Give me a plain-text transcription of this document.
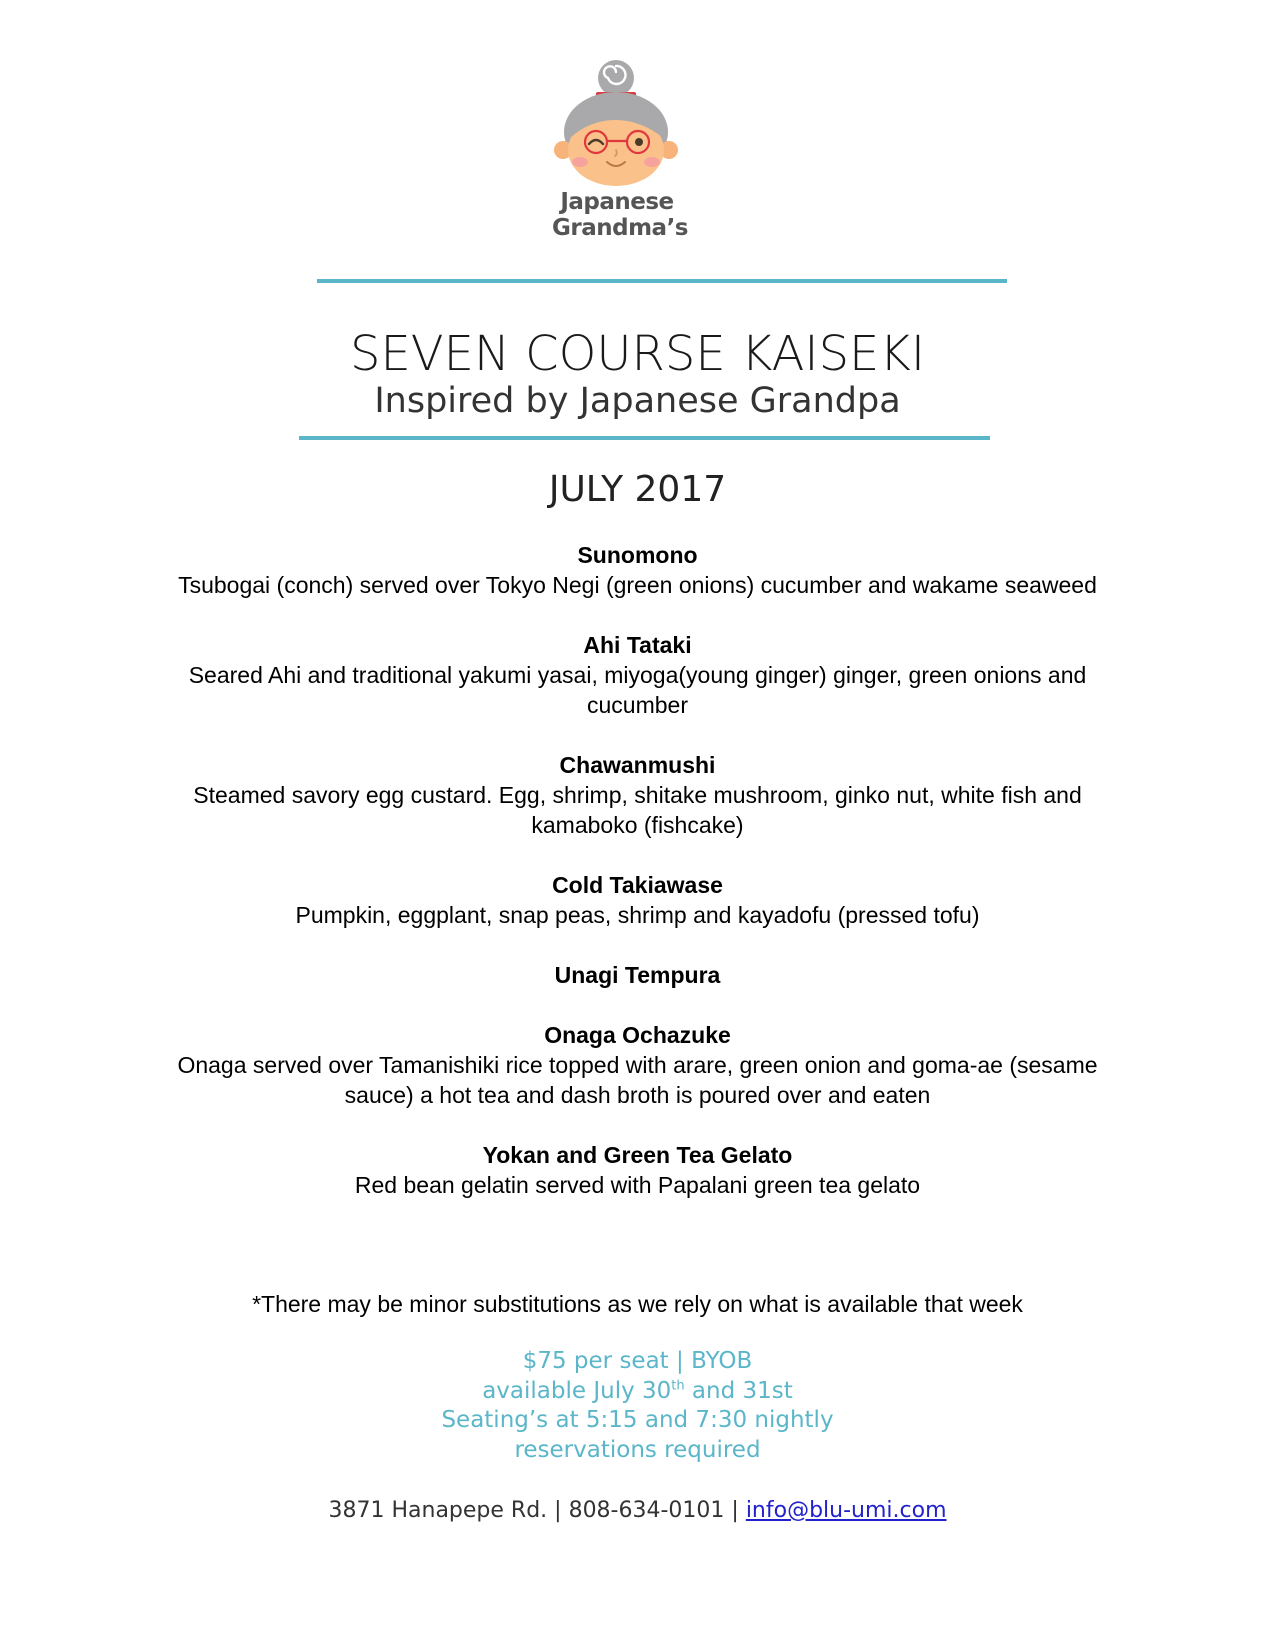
Japanese
Grandma’s
SEVEN COURSE KAISEKI
Inspired by Japanese Grandpa
JULY 2017
Sunomono
Tsubogai (conch) served over Tokyo Negi (green onions) cucumber and wakame seaweed
Ahi Tataki
Seared Ahi and traditional yakumi yasai, miyoga(young ginger) ginger, green onions and cucumber
Chawanmushi
Steamed savory egg custard. Egg, shrimp, shitake mushroom, ginko nut, white fish and kamaboko (fishcake)
Cold Takiawase
Pumpkin, eggplant, snap peas, shrimp and kayadofu (pressed tofu)
Unagi Tempura
Onaga Ochazuke
Onaga served over Tamanishiki rice topped with arare, green onion and goma-ae (sesame sauce) a hot tea and dash broth is poured over and eaten
Yokan and Green Tea Gelato
Red bean gelatin served with Papalani green tea gelato
*There may be minor substitutions as we rely on what is available that week
$75 per seat | BYOB
available July 30th and 31st
Seating’s at 5:15 and 7:30 nightly
reservations required
3871 Hanapepe Rd. | 808-634-0101 | info@blu-umi.com
